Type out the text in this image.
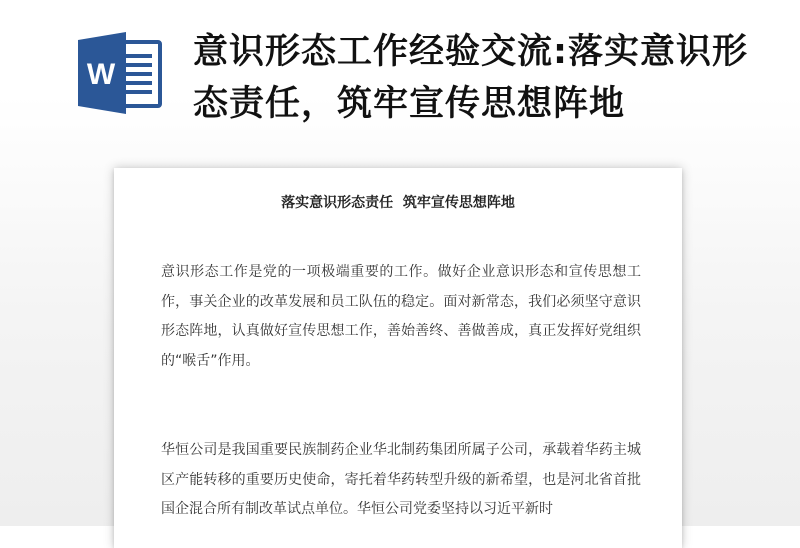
W
意识形态工作经验交流:落实意识形态责任，筑牢宣传思想阵地
落实意识形态责任  筑牢宣传思想阵地

意识形态工作是党的一项极端重要的工作。做好企业意识形态和宣传思想工作，事关企业的改革发展和员工队伍的稳定。面对新常态，我们必须坚守意识形态阵地，认真做好宣传思想工作，善始善终、善做善成，真正发挥好党组织的“喉舌”作用。

华恒公司是我国重要民族制药企业华北制药集团所属子公司，承载着华药主城区产能转移的重要历史使命，寄托着华药转型升级的新希望，也是河北省首批国企混合所有制改革试点单位。华恒公司党委坚持以习近平新时
